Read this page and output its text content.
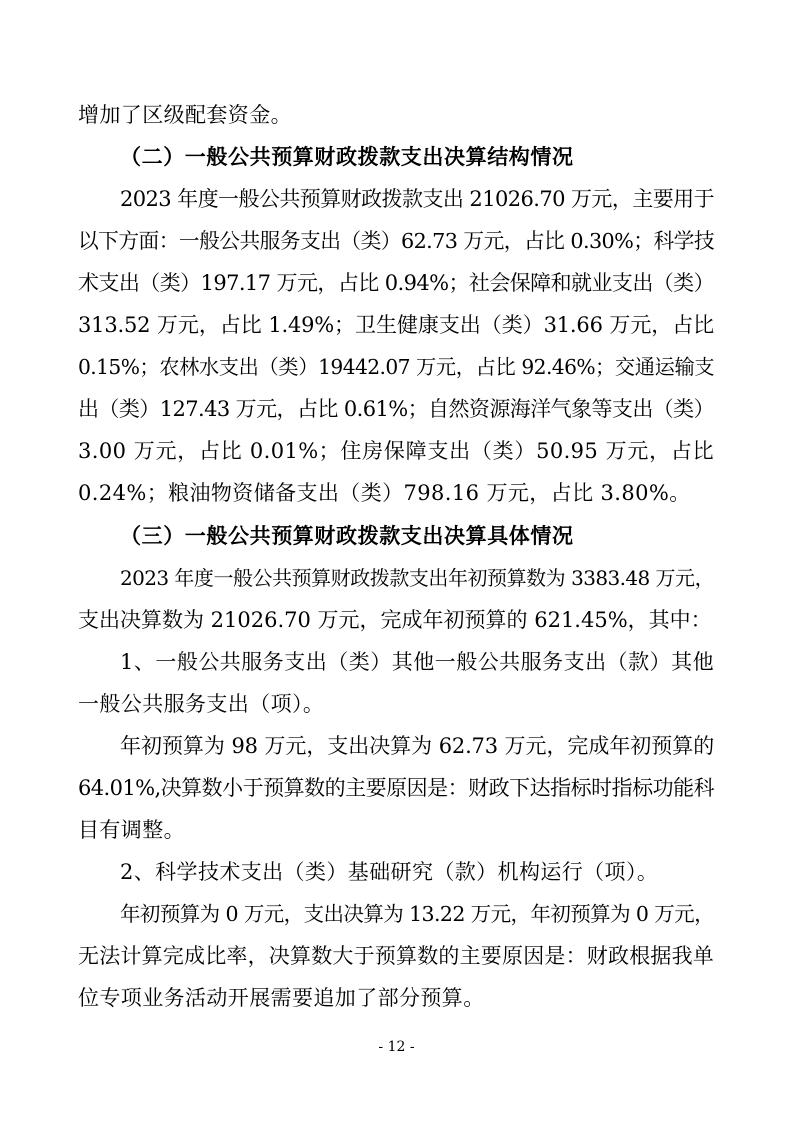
增加了区级配套资金。
（二）一般公共预算财政拨款支出决算结构情况
2023 年度一般公共预算财政拨款支出 21026.70 万元，主要用于
以下方面：一般公共服务支出（类）62.73 万元，占比 0.30%；科学技
术支出（类）197.17 万元，占比 0.94%；社会保障和就业支出（类）
313.52 万元，占比 1.49%；卫生健康支出（类）31.66 万元，占比
0.15%；农林水支出（类）19442.07 万元，占比 92.46%；交通运输支
出（类）127.43 万元，占比 0.61%；自然资源海洋气象等支出（类）
3.00 万元，占比 0.01%；住房保障支出（类）50.95 万元，占比
0.24%；粮油物资储备支出（类）798.16 万元，占比 3.80%。
（三）一般公共预算财政拨款支出决算具体情况
2023 年度一般公共预算财政拨款支出年初预算数为 3383.48 万元，
支出决算数为 21026.70 万元，完成年初预算的 621.45%，其中：
1、一般公共服务支出（类）其他一般公共服务支出（款）其他
一般公共服务支出（项）。
年初预算为 98 万元，支出决算为 62.73 万元，完成年初预算的
64.01%,决算数小于预算数的主要原因是：财政下达指标时指标功能科
目有调整。
2、科学技术支出（类）基础研究（款）机构运行（项）。
年初预算为 0 万元，支出决算为 13.22 万元，年初预算为 0 万元，
无法计算完成比率，决算数大于预算数的主要原因是：财政根据我单
位专项业务活动开展需要追加了部分预算。
- 12 -
